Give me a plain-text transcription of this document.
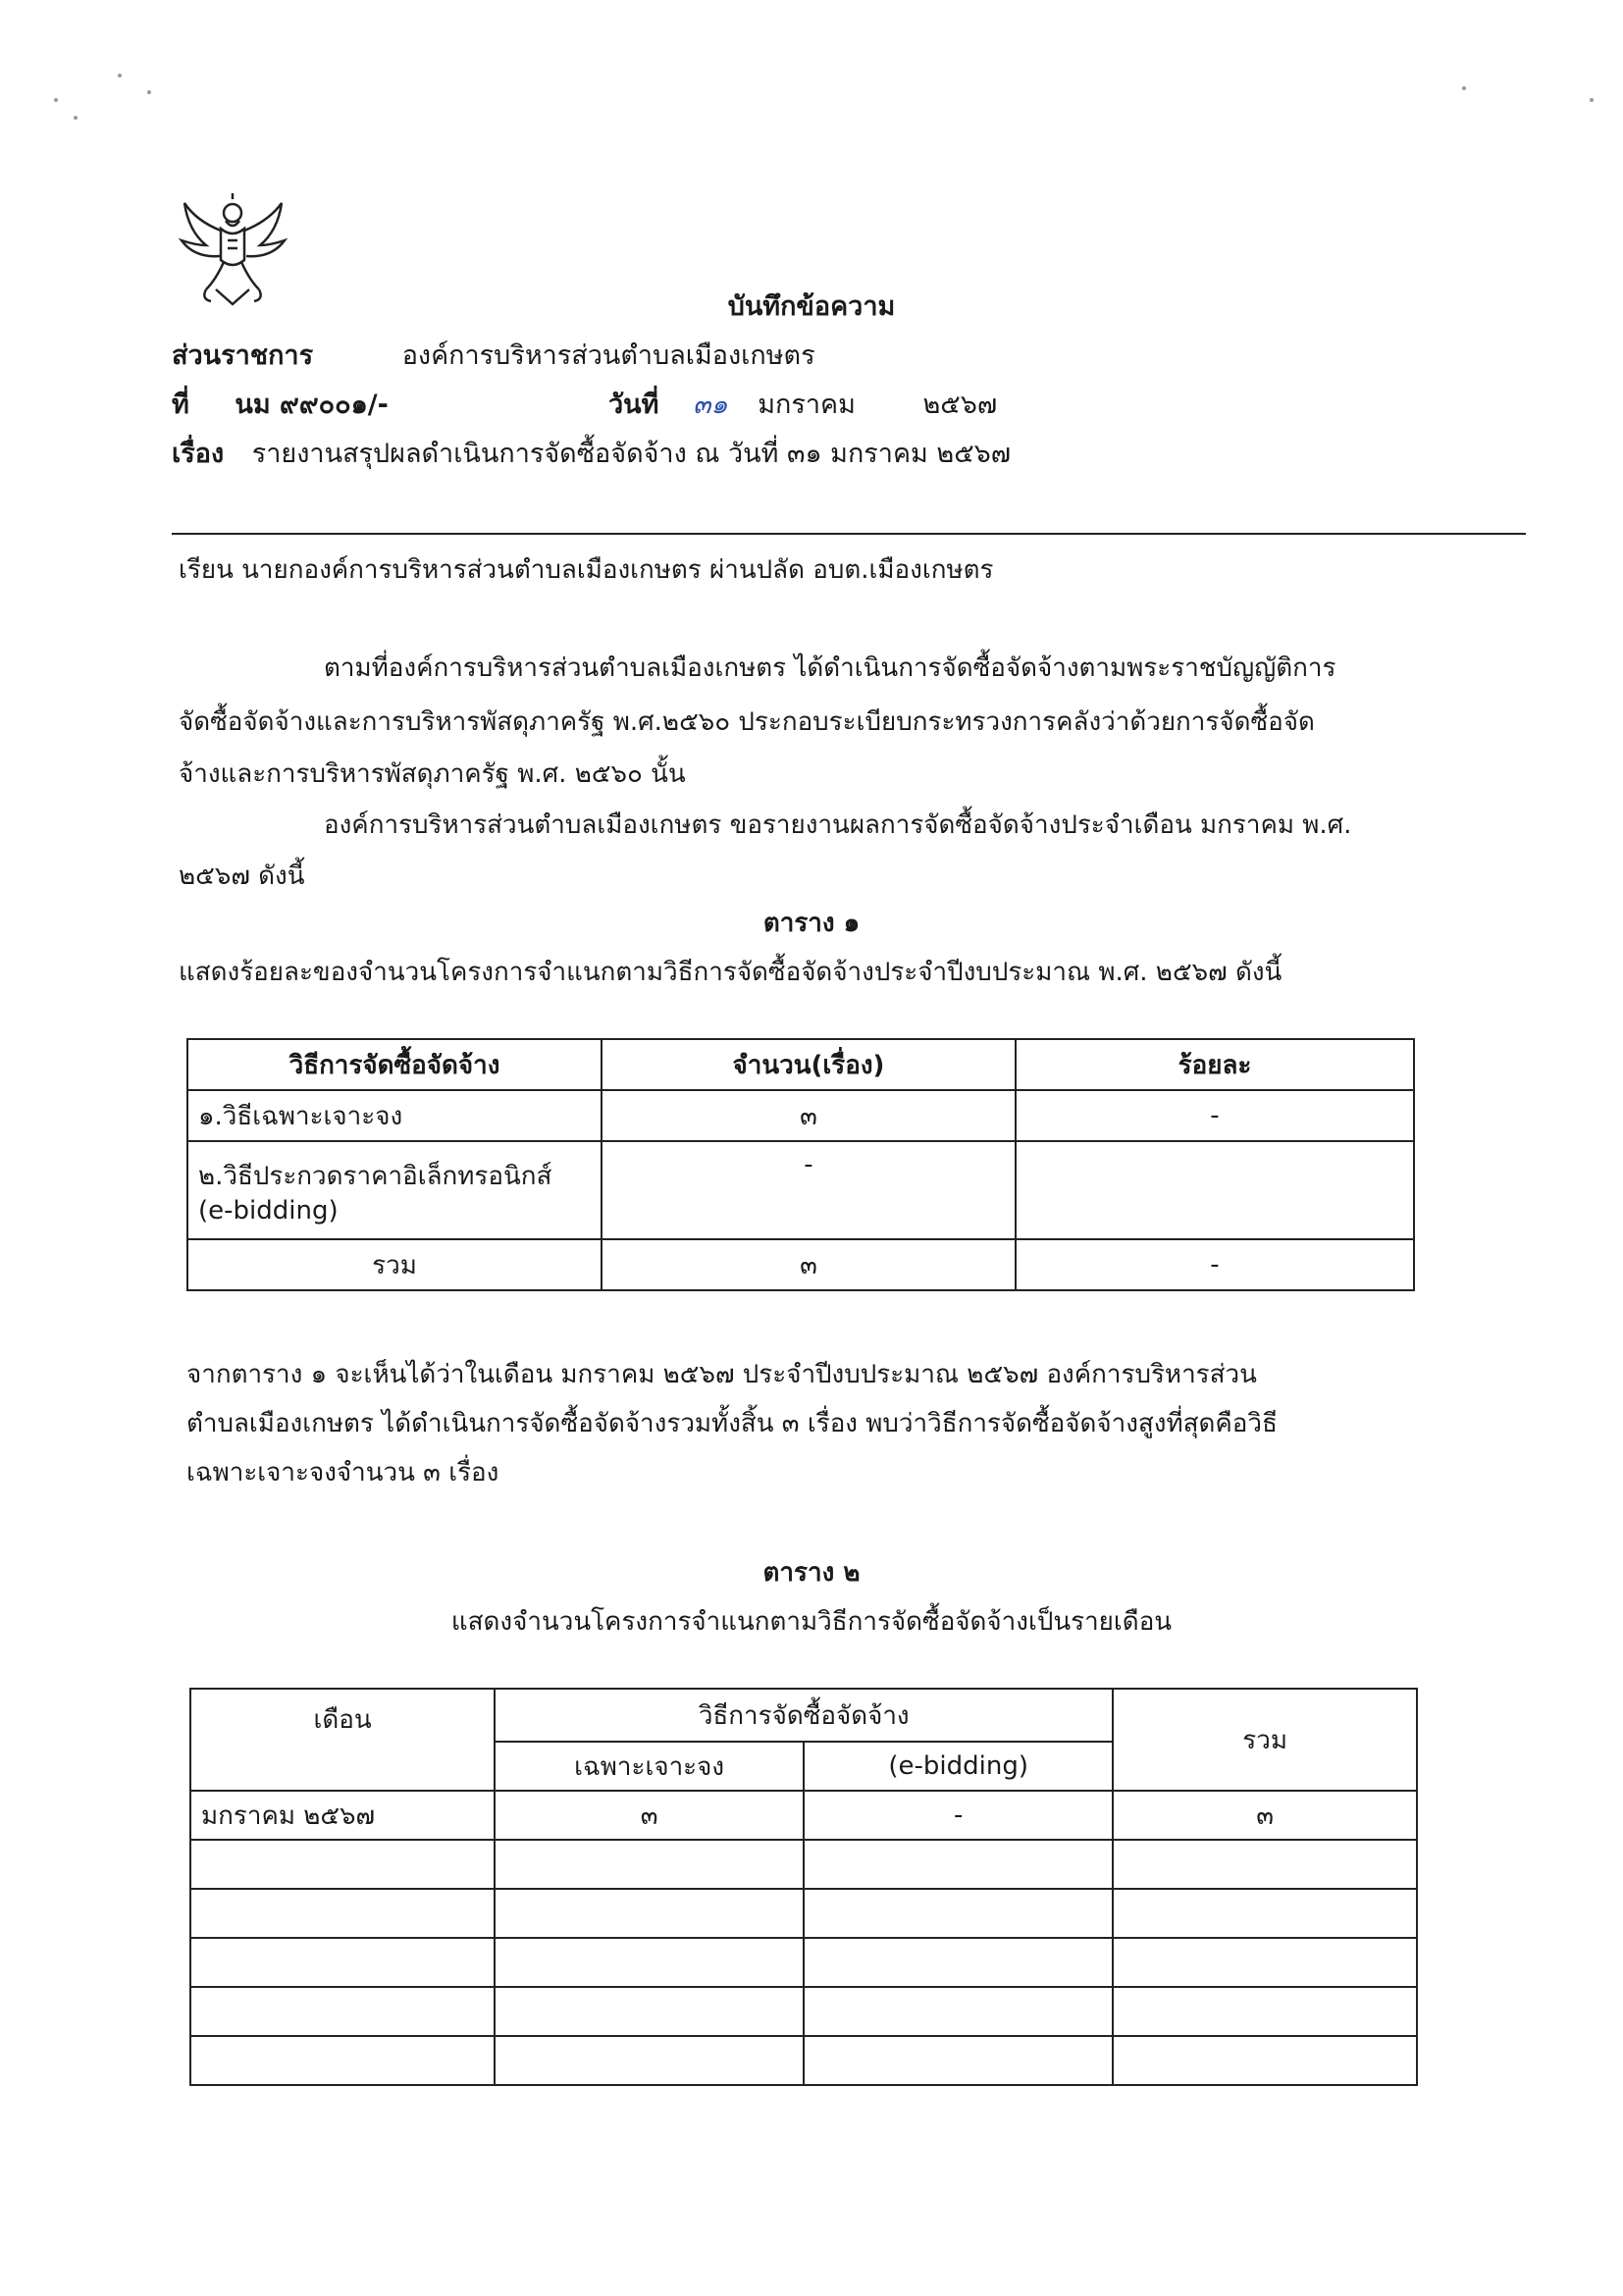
บันทึกข้อความ
ส่วนราชการ	องค์การบริหารส่วนตำบลเมืองเกษตร
ที่ นม ๙๙๐๐๑/-	วันที่ ๓๑ มกราคม	๒๕๖๗
เรื่อง รายงานสรุปผลดำเนินการจัดซื้อจัดจ้าง ณ วันที่ ๓๑ มกราคม ๒๕๖๗
เรียน นายกองค์การบริหารส่วนตำบลเมืองเกษตร ผ่านปลัด อบต.เมืองเกษตร
ตามที่องค์การบริหารส่วนตำบลเมืองเกษตร ได้ดำเนินการจัดซื้อจัดจ้างตามพระราชบัญญัติการ
จัดซื้อจัดจ้างและการบริหารพัสดุภาครัฐ พ.ศ.๒๕๖๐ ประกอบระเบียบกระทรวงการคลังว่าด้วยการจัดซื้อจัด
จ้างและการบริหารพัสดุภาครัฐ พ.ศ. ๒๕๖๐ นั้น
องค์การบริหารส่วนตำบลเมืองเกษตร ขอรายงานผลการจัดซื้อจัดจ้างประจำเดือน มกราคม พ.ศ.
๒๕๖๗ ดังนี้
ตาราง ๑
แสดงร้อยละของจำนวนโครงการจำแนกตามวิธีการจัดซื้อจัดจ้างประจำปีงบประมาณ พ.ศ. ๒๕๖๗ ดังนี้
วิธีการจัดซื้อจัดจ้าง	จำนวน(เรื่อง)	ร้อยละ
๑.วิธีเฉพาะเจาะจง	๓	-

๒.วิธีประกวดราคาอิเล็กทรอนิกส์
(e-bidding)	-	
รวม	๓	-
จากตาราง ๑ จะเห็นได้ว่าในเดือน มกราคม ๒๕๖๗ ประจำปีงบประมาณ ๒๕๖๗ องค์การบริหารส่วน
ตำบลเมืองเกษตร ได้ดำเนินการจัดซื้อจัดจ้างรวมทั้งสิ้น ๓ เรื่อง พบว่าวิธีการจัดซื้อจัดจ้างสูงที่สุดคือวิธี
เฉพาะเจาะจงจำนวน ๓ เรื่อง
ตาราง ๒
แสดงจำนวนโครงการจำแนกตามวิธีการจัดซื้อจัดจ้างเป็นรายเดือน
เดือน	วิธีการจัดซื้อจัดจ้าง		รวม
	เฉพาะเจาะจง	(e-bidding)	
มกราคม ๒๕๖๗	๓	-	๓
